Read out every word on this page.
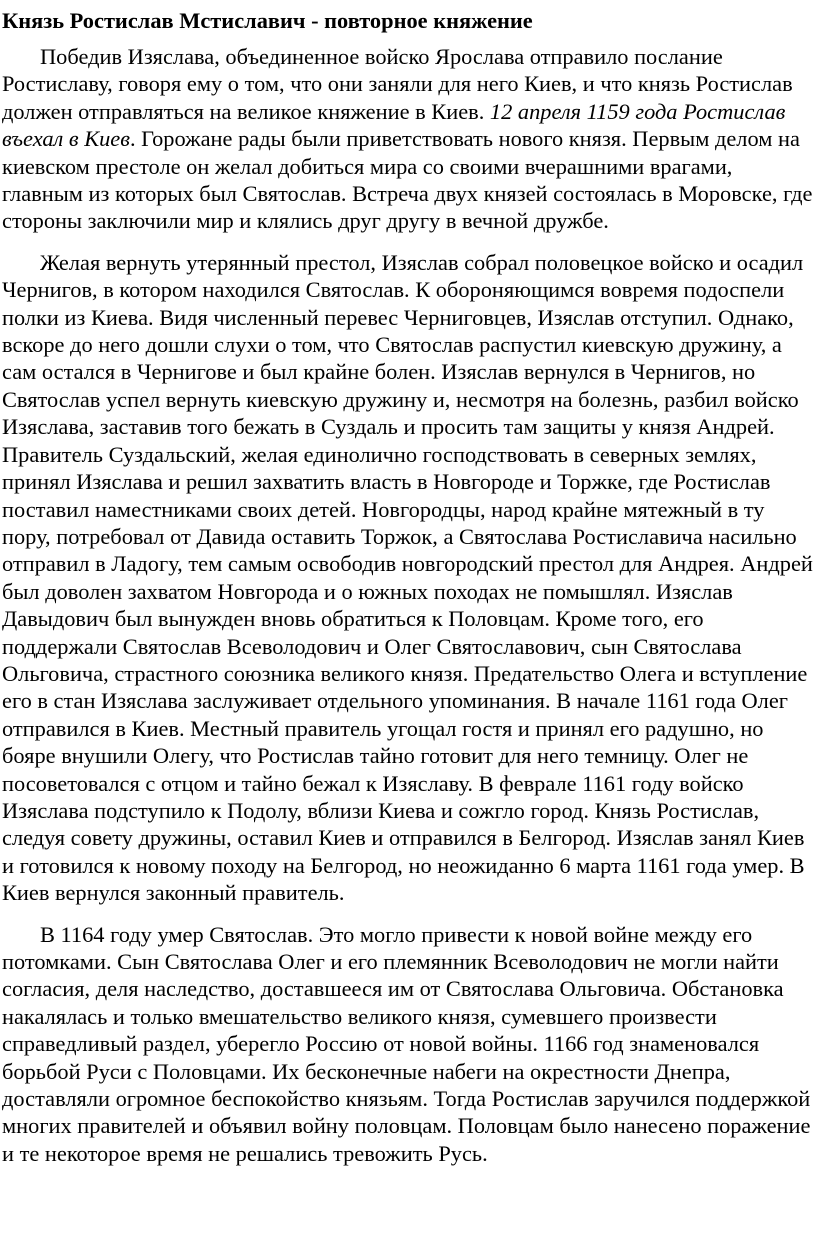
Князь Ростислав Мстиславич - повторное княжение

Победив Изяслава, объединенное войско Ярослава отправило послание Ростиславу, говоря ему о том, что они заняли для него Киев, и что князь Ростислав должен отправляться на великое княжение в Киев. 12 апреля 1159 года Ростислав въехал в Киев. Горожане рады были приветствовать нового князя. Первым делом на киевском престоле он желал добиться мира со своими вчерашними врагами, главным из которых был Святослав. Встреча двух князей состоялась в Моровске, где стороны заключили мир и клялись друг другу в вечной дружбе.

Желая вернуть утерянный престол, Изяслав собрал половецкое войско и осадил Чернигов, в котором находился Святослав. К обороняющимся вовремя подоспели полки из Киева. Видя численный перевес Черниговцев, Изяслав отступил. Однако, вскоре до него дошли слухи о том, что Святослав распустил киевскую дружину, а сам остался в Чернигове и был крайне болен. Изяслав вернулся в Чернигов, но Святослав успел вернуть киевскую дружину и, несмотря на болезнь, разбил войско Изяслава, заставив того бежать в Суздаль и просить там защиты у князя Андрей. Правитель Суздальский, желая единолично господствовать в северных землях, принял Изяслава и решил захватить власть в Новгороде и Торжке, где Ростислав поставил наместниками своих детей. Новгородцы, народ крайне мятежный в ту пору, потребовал от Давида оставить Торжок, а Святослава Ростиславича насильно отправил в Ладогу, тем самым освободив новгородский престол для Андрея. Андрей был доволен захватом Новгорода и о южных походах не помышлял. Изяслав Давыдович был вынужден вновь обратиться к Половцам. Кроме того, его поддержали Святослав Всеволодович и Олег Святославович, сын Святослава Ольговича, страстного союзника великого князя. Предательство Олега и вступление его в стан Изяслава заслуживает отдельного упоминания. В начале 1161 года Олег отправился в Киев. Местный правитель угощал гостя и принял его радушно, но бояре внушили Олегу, что Ростислав тайно готовит для него темницу. Олег не посоветовался с отцом и тайно бежал к Изяславу. В феврале 1161 году войско Изяслава подступило к Подолу, вблизи Киева и сожгло город. Князь Ростислав, следуя совету дружины, оставил Киев и отправился в Белгород. Изяслав занял Киев и готовился к новому походу на Белгород, но неожиданно 6 марта 1161 года умер. В Киев вернулся законный правитель.

В 1164 году умер Святослав. Это могло привести к новой войне между его потомками. Сын Святослава Олег и его племянник Всеволодович не могли найти согласия, деля наследство, доставшееся им от Святослава Ольговича. Обстановка накалялась и только вмешательство великого князя, сумевшего произвести справедливый раздел, уберегло Россию от новой войны. 1166 год знаменовался борьбой Руси с Половцами. Их бесконечные набеги на окрестности Днепра, доставляли огромное беспокойство князьям. Тогда Ростислав заручился поддержкой многих правителей и объявил войну половцам. Половцам было нанесено поражение и те некоторое время не решались тревожить Русь.
